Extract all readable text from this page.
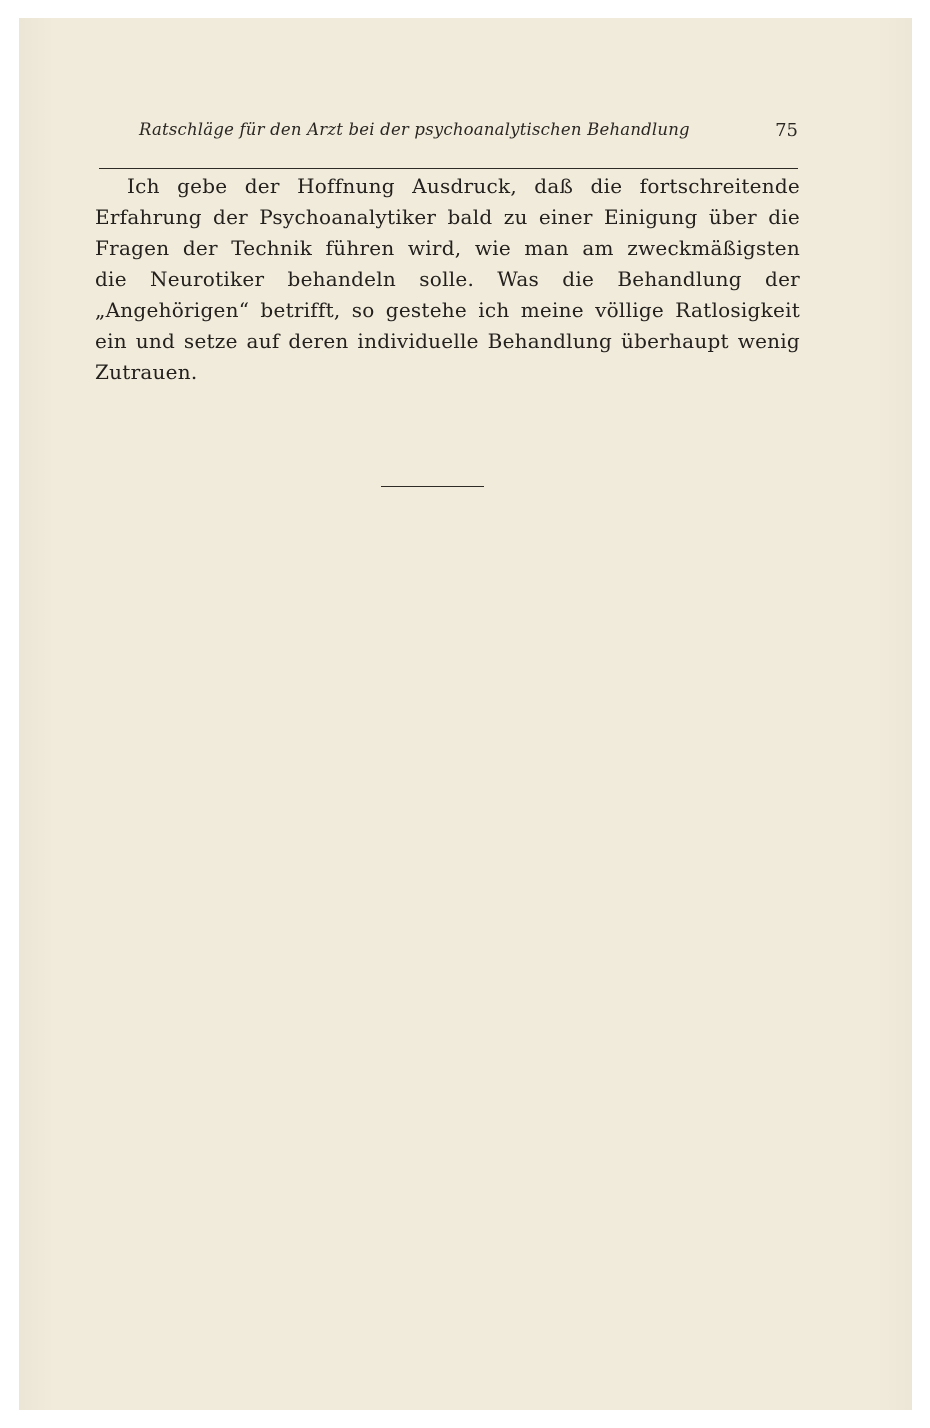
Ratschläge für den Arzt bei der psychoanalytischen Behandlung	75

Ich gebe der Hoffnung Ausdruck, daß die fortschreitende Erfahrung der Psychoanalytiker bald zu einer Einigung über die Fragen der Technik führen wird, wie man am zweckmäßigsten die Neurotiker behandeln solle. Was die Behandlung der „Angehörigen“ betrifft, so gestehe ich meine völlige Ratlosigkeit ein und setze auf deren individuelle Behandlung überhaupt wenig Zutrauen.
